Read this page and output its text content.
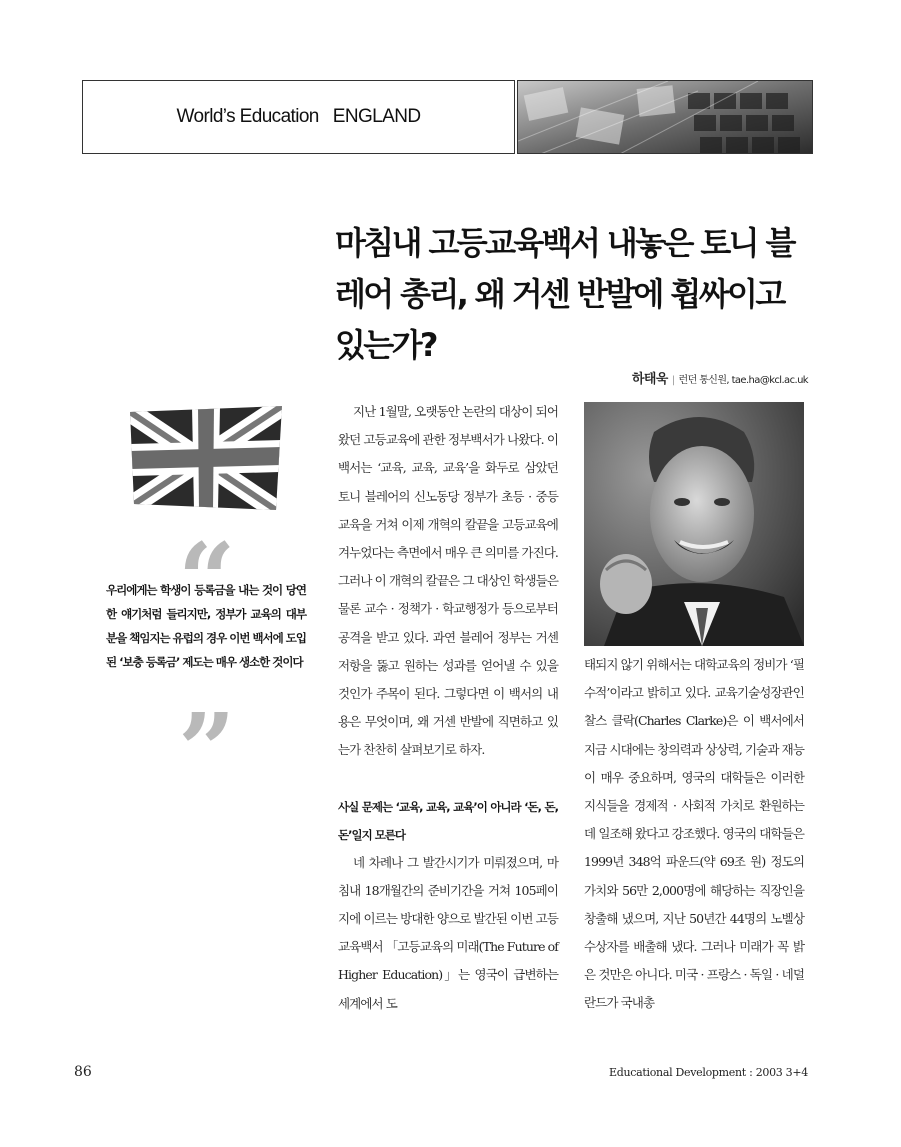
World’s Education   ENGLAND
마침내 고등교육백서 내놓은 토니 블레어 총리, 왜 거센 반발에 휩싸이고 있는가?
하태욱 | 런던 통신원, tae.ha@kcl.ac.uk
“
우리에게는 학생이 등록금을 내는 것이 당연한 얘기처럼 들리지만, 정부가 교육의 대부분을 책임지는 유럽의 경우 이번 백서에 도입된 ‘보충 등록금’ 제도는 매우 생소한 것이다
”

지난 1월말, 오랫동안 논란의 대상이 되어왔던 고등교육에 관한 정부백서가 나왔다. 이 백서는 ‘교육, 교육, 교육’을 화두로 삼았던 토니 블레어의 신노동당 정부가 초등 · 중등 교육을 거쳐 이제 개혁의 칼끝을 고등교육에 겨누었다는 측면에서 매우 큰 의미를 가진다. 그러나 이 개혁의 칼끝은 그 대상인 학생들은 물론 교수 · 정책가 · 학교행정가 등으로부터 공격을 받고 있다. 과연 블레어 정부는 거센 저항을 뚫고 원하는 성과를 얻어낼 수 있을 것인가 주목이 된다. 그렇다면 이 백서의 내용은 무엇이며, 왜 거센 반발에 직면하고 있는가 찬찬히 살펴보기로 하자.

사실 문제는 ‘교육, 교육, 교육’이 아니라 ‘돈, 돈, 돈’일지 모른다

네 차례나 그 발간시기가 미뤄졌으며, 마침내 18개월간의 준비기간을 거쳐 105페이지에 이르는 방대한 양으로 발간된 이번 고등교육백서 「고등교육의 미래(The Future of Higher Education)」는 영국이 급변하는 세계에서 도

태되지 않기 위해서는 대학교육의 정비가 ‘필수적’이라고 밝히고 있다. 교육기술성장관인 찰스 클락(Charles Clarke)은 이 백서에서 지금 시대에는 창의력과 상상력, 기술과 재능이 매우 중요하며, 영국의 대학들은 이러한 지식들을 경제적 · 사회적 가치로 환원하는 데 일조해 왔다고 강조했다. 영국의 대학들은 1999년 348억 파운드(약 69조 원) 정도의 가치와 56만 2,000명에 해당하는 직장인을 창출해 냈으며, 지난 50년간 44명의 노벨상 수상자를 배출해 냈다. 그러나 미래가 꼭 밝은 것만은 아니다. 미국 · 프랑스 · 독일 · 네덜란드가 국내총

86	Educational Development : 2003 3+4
